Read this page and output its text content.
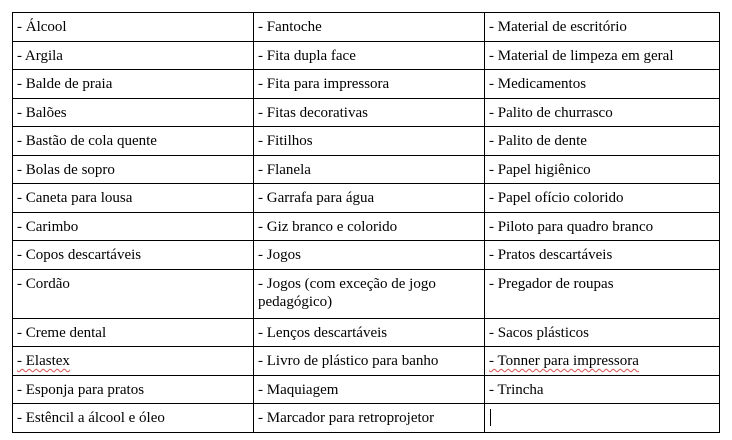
- Álcool	- Fantoche	- Material de escritório
- Argila	- Fita dupla face	- Material de limpeza em geral
- Balde de praia	- Fita para impressora	- Medicamentos
- Balões	- Fitas decorativas	- Palito de churrasco
- Bastão de cola quente	- Fitilhos	- Palito de dente
- Bolas de sopro	- Flanela	- Papel higiênico
- Caneta para lousa	- Garrafa para água	- Papel ofício colorido
- Carimbo	- Giz branco e colorido	- Piloto para quadro branco
- Copos descartáveis	- Jogos	- Pratos descartáveis
- Cordão	- Jogos (com exceção de jogo pedagógico)	- Pregador de roupas
- Creme dental	- Lenços descartáveis	- Sacos plásticos
- Elastex	- Livro de plástico para banho	- Tonner para impressora
- Esponja para pratos	- Maquiagem	- Trincha
- Estêncil a álcool e óleo	- Marcador para retroprojetor	
